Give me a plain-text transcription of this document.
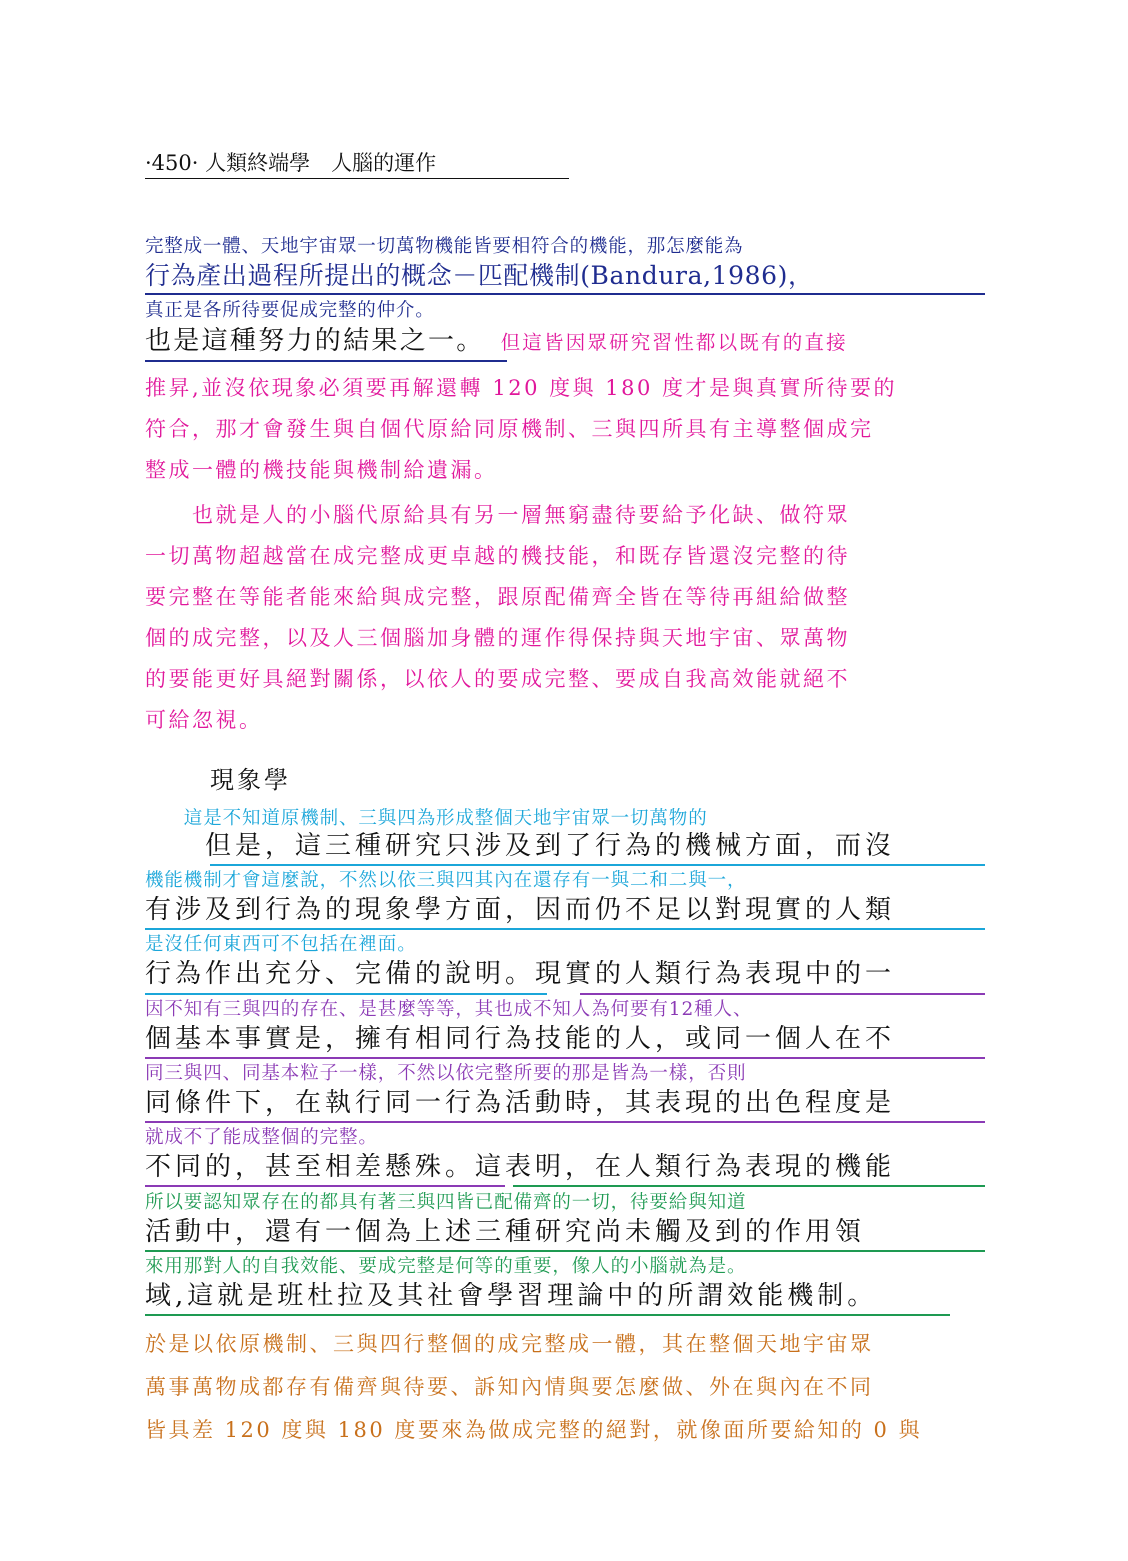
·450· 人類終端學　人腦的運作

完整成一體、天地宇宙眾一切萬物機能皆要相符合的機能，那怎麼能為

行為產出過程所提出的概念－匹配機制(Bandura,1986)，

真正是各所待要促成完整的仲介。

也是這種努力的結果之一。 但這皆因眾研究習性都以既有的直接

推昇,並沒依現象必須要再解還轉 120 度與 180 度才是與真實所待要的

符合，那才會發生與自個代原給同原機制、三與四所具有主導整個成完

整成一體的機技能與機制給遺漏。

　　也就是人的小腦代原給具有另一層無窮盡待要給予化缺、做符眾

一切萬物超越當在成完整成更卓越的機技能，和既存皆還沒完整的待

要完整在等能者能來給與成完整，跟原配備齊全皆在等待再組給做整

個的成完整，以及人三個腦加身體的運作得保持與天地宇宙、眾萬物

的要能更好具絕對關係，以依人的要成完整、要成自我高效能就絕不

可給忽視。

現象學

　　這是不知道原機制、三與四為形成整個天地宇宙眾一切萬物的

　　但是，這三種研究只涉及到了行為的機械方面，而沒

機能機制才會這麼說，不然以依三與四其內在還存有一與二和二與一，

有涉及到行為的現象學方面，因而仍不足以對現實的人類

是沒任何東西可不包括在裡面。

行為作出充分、完備的說明。現實的人類行為表現中的一

因不知有三與四的存在、是甚麼等等，其也成不知人為何要有12種人、

個基本事實是，擁有相同行為技能的人，或同一個人在不

同三與四、同基本粒子一樣，不然以依完整所要的那是皆為一樣，否則

同條件下，在執行同一行為活動時，其表現的出色程度是

就成不了能成整個的完整。

不同的，甚至相差懸殊。這表明，在人類行為表現的機能

所以要認知眾存在的都具有著三與四皆已配備齊的一切，待要給與知道

活動中，還有一個為上述三種研究尚未觸及到的作用領

來用那對人的自我效能、要成完整是何等的重要，像人的小腦就為是。

域,這就是班杜拉及其社會學習理論中的所謂效能機制。

於是以依原機制、三與四行整個的成完整成一體，其在整個天地宇宙眾

萬事萬物成都存有備齊與待要、訴知內情與要怎麼做、外在與內在不同

皆具差 120 度與 180 度要來為做成完整的絕對，就像面所要給知的 0 與
